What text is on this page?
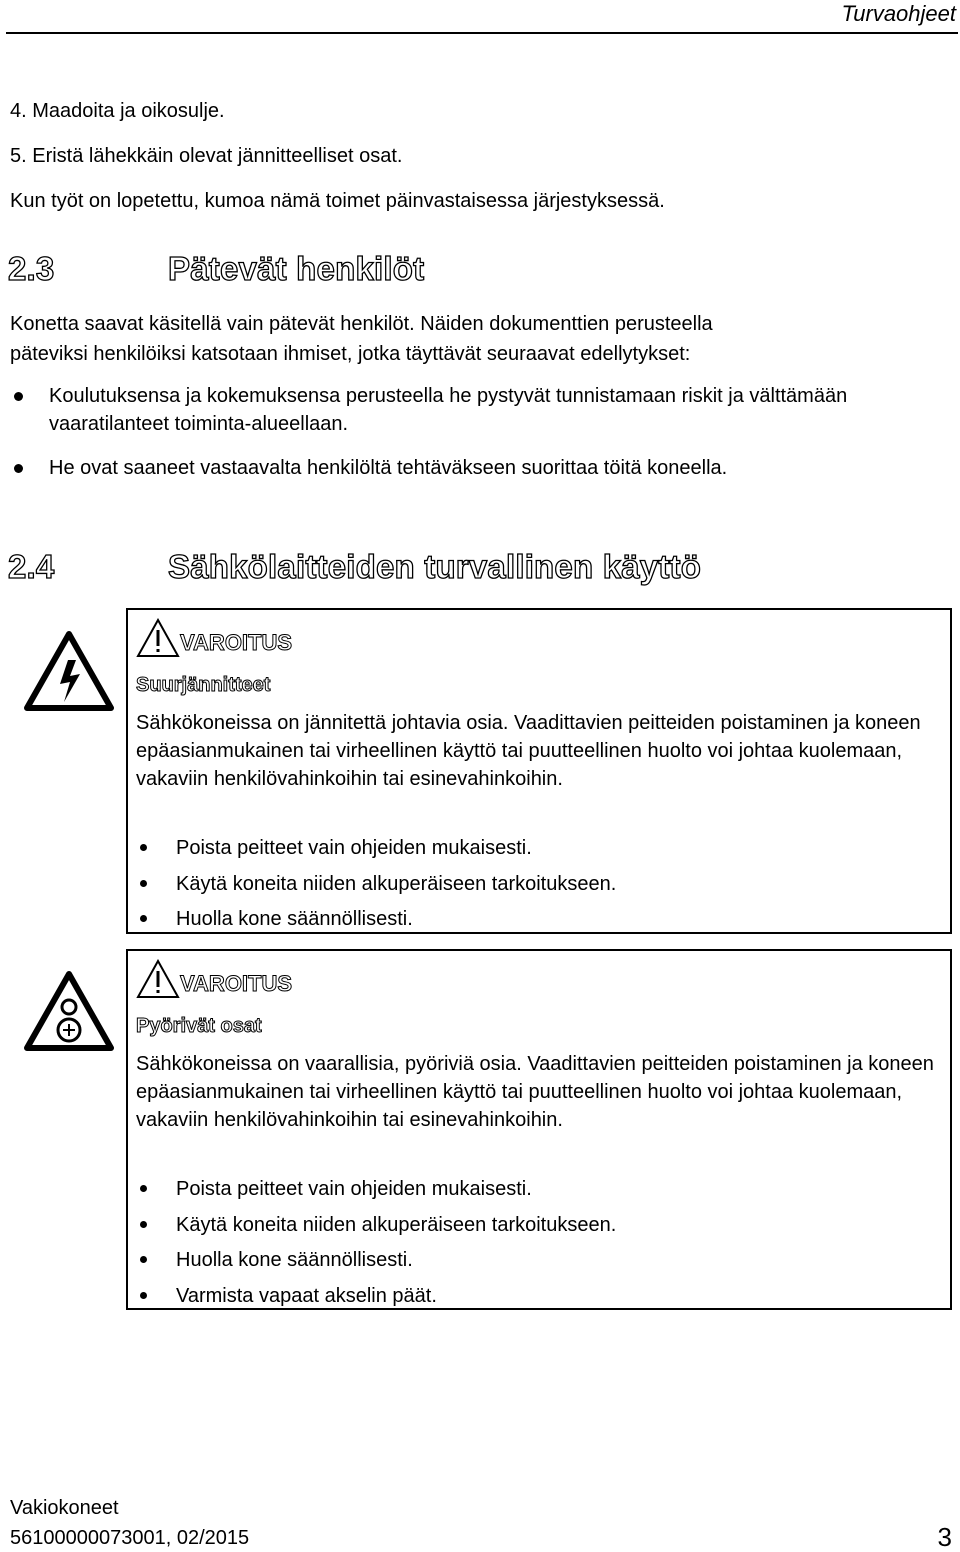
Turvaohjeet
4. Maadoita ja oikosulje.
5. Eristä lähekkäin olevat jännitteelliset osat.
Kun työt on lopetettu, kumoa nämä toimet päinvastaisessa järjestyksessä.
2.3	Pätevät henkilöt
Konetta saavat käsitellä vain pätevät henkilöt. Näiden dokumenttien perusteella
päteviksi henkilöiksi katsotaan ihmiset, jotka täyttävät seuraavat edellytykset:
Koulutuksensa ja kokemuksensa perusteella he pystyvät tunnistamaan riskit ja välttämään vaaratilanteet toiminta-alueellaan.
He ovat saaneet vastaavalta henkilöltä tehtäväkseen suorittaa töitä koneella.
2.4	Sähkölaitteiden turvallinen käyttö
VAROITUS
Suurjännitteet
Sähkökoneissa on jännitettä johtavia osia. Vaadittavien peitteiden poistaminen ja koneen epäasianmukainen tai virheellinen käyttö tai puutteellinen huolto voi johtaa kuolemaan, vakaviin henkilövahinkoihin tai esinevahinkoihin.
Poista peitteet vain ohjeiden mukaisesti.
Käytä koneita niiden alkuperäiseen tarkoitukseen.
Huolla kone säännöllisesti.
VAROITUS
Pyörivät osat
Sähkökoneissa on vaarallisia, pyöriviä osia. Vaadittavien peitteiden poistaminen ja koneen epäasianmukainen tai virheellinen käyttö tai puutteellinen huolto voi johtaa kuolemaan, vakaviin henkilövahinkoihin tai esinevahinkoihin.
Poista peitteet vain ohjeiden mukaisesti.
Käytä koneita niiden alkuperäiseen tarkoitukseen.
Huolla kone säännöllisesti.
Varmista vapaat akselin päät.
Vakiokoneet
56100000073001, 02/2015	3
